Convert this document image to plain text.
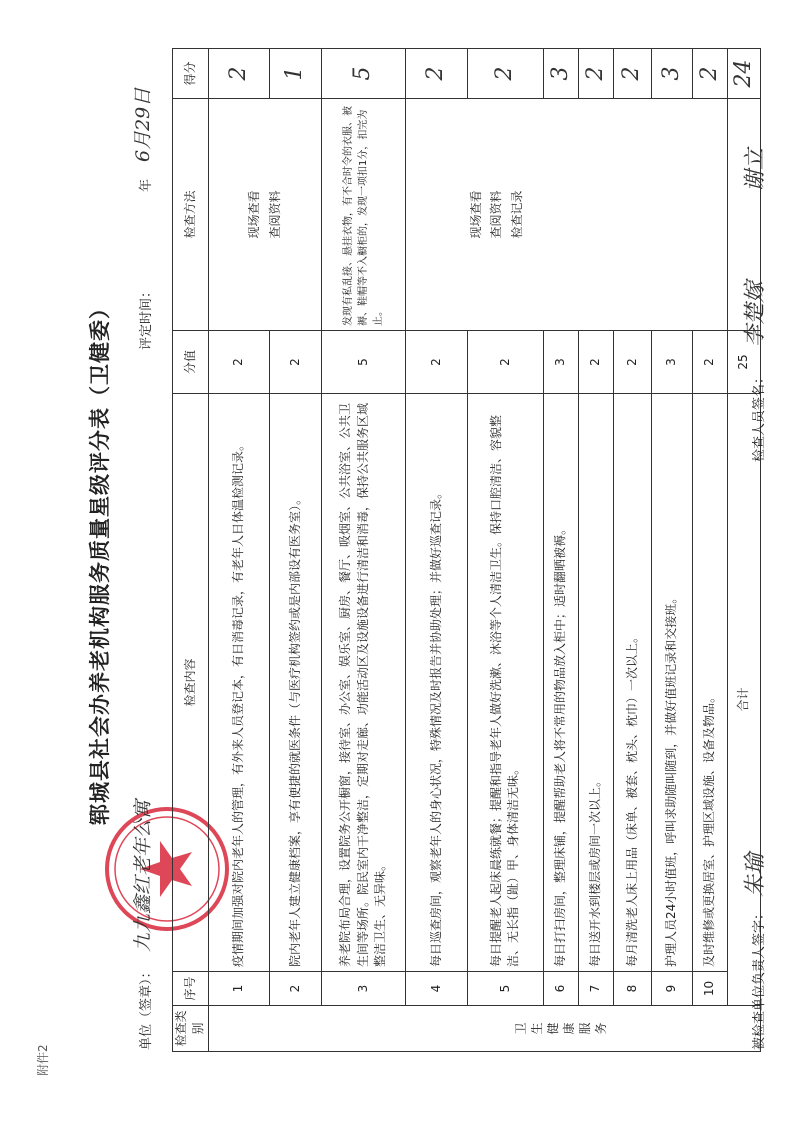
附件2
郓城县社会办养老机构服务质量星级评分表（卫健委）
单位（签章）：
九九鑫红老年公寓
评定时间：
年
6月29日
检查类别	序号	检查内容	分值	检查方法	得分
卫生健康服务	1	疫情期间加强对院内老年人的管理，有外来人员登记本，有日消毒记录，有老年人日体温检测记录。	2	现场查看 查阅资料	2
	2	院内老年人建立健康档案，享有便捷的就医条件（与医疗机构签约或是内部设有医务室）。	2		1
	3	养老院布局合理，设置院务公开橱窗，接待室、办公室、娱乐室、厨房、餐厅、吸烟室、公共浴室、公共卫生间等场所。院民室内干净整洁，定期对走廊、功能活动区及设施设备进行清洁和消毒，保持公共服务区域整洁卫生、无异味。	5	发现有私乱接、悬挂衣物，有不合时令的衣服、被褥、鞋帽等不入橱柜的，发现一项扣1分，扣完为止。	5
	4	每日巡查房间，观察老年人的身心状况，特殊情况及时报告并协助处理；并做好巡查记录。	2	现场查看 查阅资料 检查记录	2
	5	每日提醒老人起床晨练就餐；提醒和指导老年人做好洗漱、沐浴等个人清洁卫生。保持口腔清洁、容貌整洁、无长指（趾）甲、身体清洁无味。	2		2
	6	每日打扫房间，整理床铺，提醒帮助老人将不常用的物品放入柜中；适时翻晒被褥。	3		3
	7	每日送开水到楼层或房间一次以上。	2		2
	8	每月清洗老人床上用品（床单、被套、枕头、枕巾）一次以上。	2		2
	9	护理人员24小时值班，呼叫求助随叫随到，并做好值班记录和交接班。	3		3
	10	及时维修或更换居室、护理区域设施、设备及物品。	2		2
	合计		25		24
被检查单位负责人签字：
朱瑜
检查人员签名：
李楚嫁
谢立
